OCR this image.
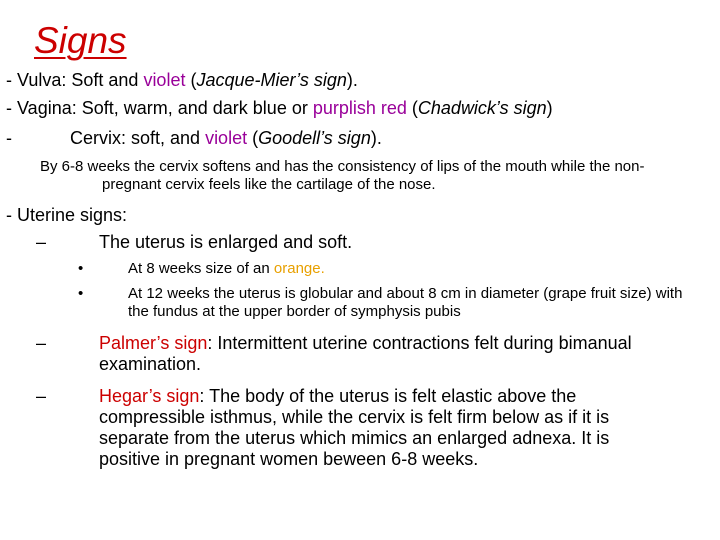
Signs
- Vulva: Soft and violet (Jacque-Mier’s sign).
- Vagina: Soft, warm, and dark blue or purplish red (Chadwick’s sign)
-	Cervix: soft, and violet (Goodell’s sign).
By 6-8 weeks the cervix softens and has the consistency of lips of the mouth while the non-
pregnant cervix feels like the cartilage of the nose.
- Uterine signs:
–	The uterus is enlarged and soft.
•	At 8 weeks size of an orange.
•	At 12 weeks the uterus is globular and about 8 cm in diameter (grape fruit size) with the fundus at the upper border of symphysis pubis
–	Palmer’s sign: Intermittent uterine contractions felt during bimanual examination.
–	Hegar’s sign: The body of the uterus is felt elastic above the compressible isthmus, while the cervix is felt firm below as if it is separate from the uterus which mimics an enlarged adnexa. It is positive in pregnant women beween 6-8 weeks.
